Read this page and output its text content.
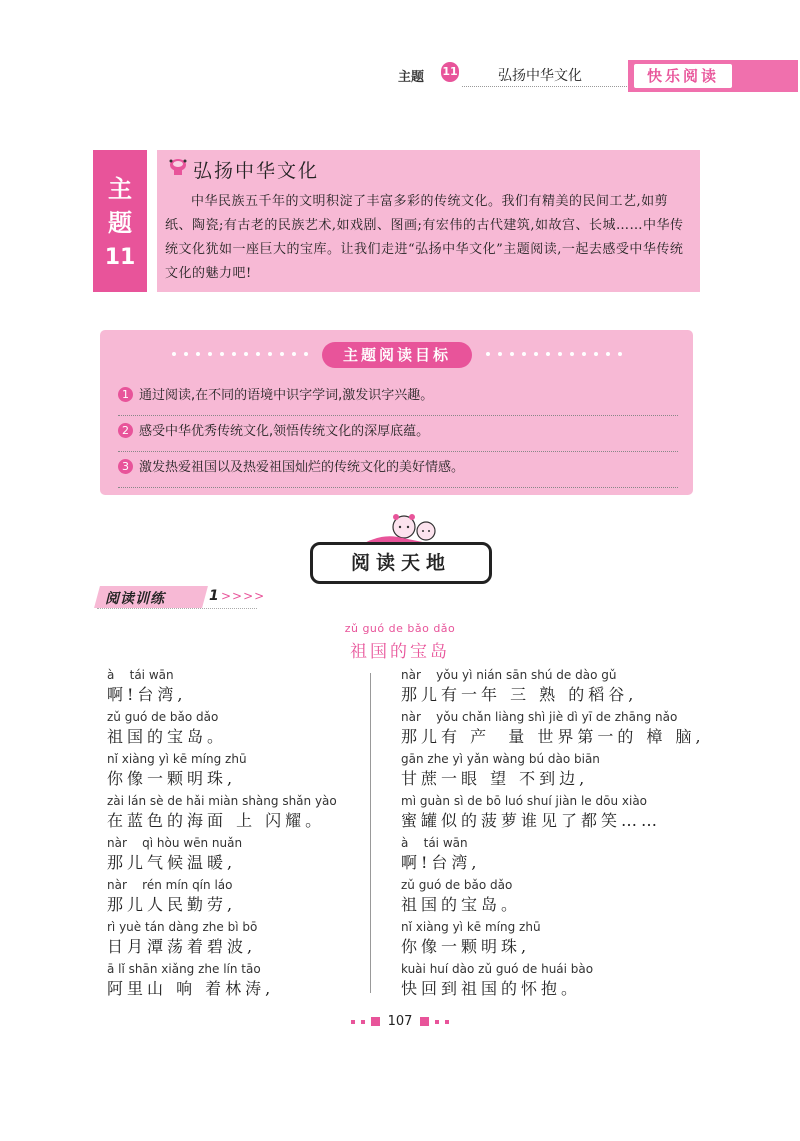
主题 11	弘扬中华文化	快乐阅读
主
题
11
弘扬中华文化
中华民族五千年的文明积淀了丰富多彩的传统文化。我们有精美的民间工艺,如剪纸、陶瓷;有古老的民族艺术,如戏剧、图画;有宏伟的古代建筑,如故宫、长城……中华传统文化犹如一座巨大的宝库。让我们走进“弘扬中华文化”主题阅读,一起去感受中华传统文化的魅力吧!
主题阅读目标
1 通过阅读,在不同的语境中识字学词,激发识字兴趣。
2 感受中华优秀传统文化,领悟传统文化的深厚底蕴。
3 激发热爱祖国以及热爱祖国灿烂的传统文化的美好情感。
阅读天地
阅读训练	1 >>>>
zǔ guó de bǎo dǎo
祖国的宝岛
à    tái wān
啊!台湾,
zǔ guó de bǎo dǎo
祖国的宝岛。
nǐ xiàng yì kē míng zhū
你像一颗明珠,
zài lán sè de hǎi miàn shàng shǎn yào
在蓝色的海面 上 闪耀。
nàr    qì hòu wēn nuǎn
那儿气候温暖,
nàr    rén mín qín láo
那儿人民勤劳,
rì yuè tán dàng zhe bì bō
日月潭荡着碧波,
ā lǐ shān xiǎng zhe lín tāo
阿里山 响 着林涛,
nàr    yǒu yì nián sān shú de dào gǔ
那儿有一年 三 熟 的稻谷,
nàr    yǒu chǎn liàng shì jiè dì yī de zhāng nǎo
那儿有 产  量 世界第一的 樟 脑,
gān zhe yì yǎn wàng bú dào biān
甘蔗一眼 望 不到边,
mì guàn sì de bō luó shuí jiàn le dōu xiào
蜜罐似的菠萝谁见了都笑……
à    tái wān
啊!台湾,
zǔ guó de bǎo dǎo
祖国的宝岛。
nǐ xiàng yì kē míng zhū
你像一颗明珠,
kuài huí dào zǔ guó de huái bào
快回到祖国的怀抱。
107
